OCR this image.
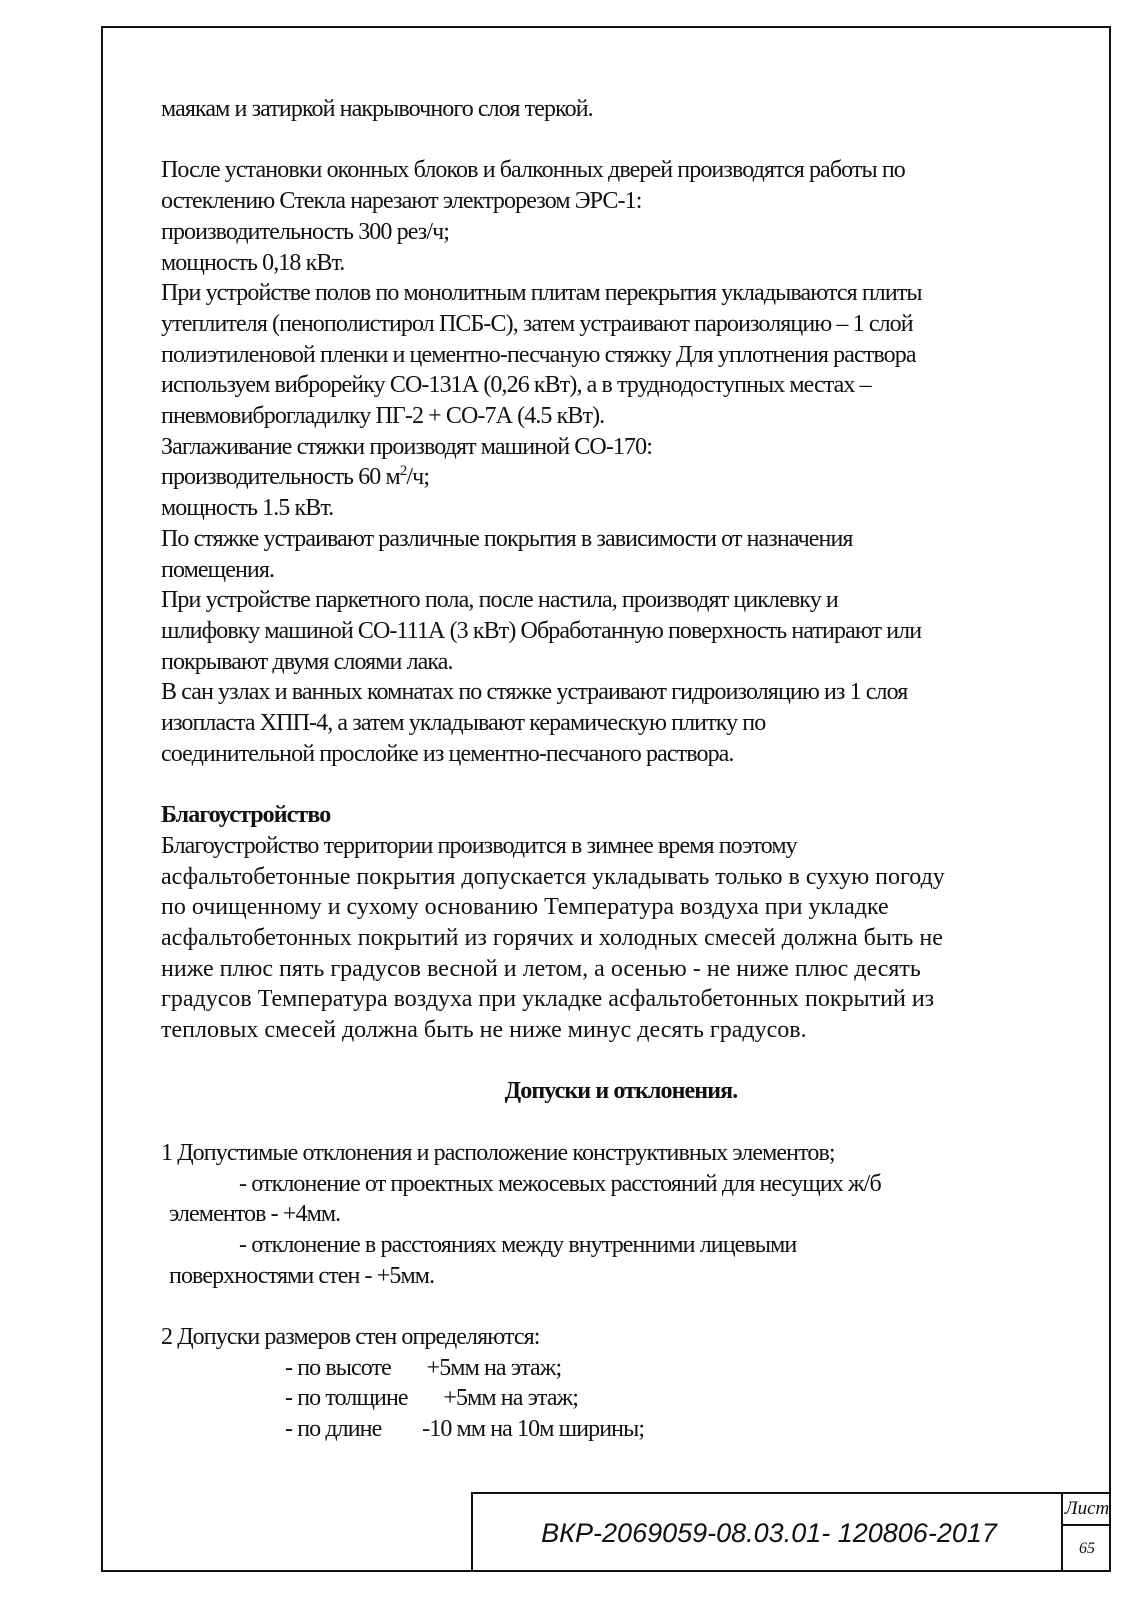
маякам и затиркой накрывочного слоя теркой.

После установки оконных блоков и балконных дверей производятся работы по

остеклению Стекла нарезают электрорезом ЭРС-1:

производительность 300 рез/ч;

мощность 0,18 кВт.

При устройстве полов по монолитным плитам перекрытия укладываются плиты

утеплителя (пенополистирол ПСБ-С), затем устраивают пароизоляцию – 1 слой

полиэтиленовой пленки и цементно-песчаную стяжку Для уплотнения раствора

используем виброрейку СО-131А (0,26 кВт), а в труднодоступных местах –

пневмовиброгладилку ПГ-2 + СО-7А (4.5 кВт).

Заглаживание стяжки производят машиной СО-170:

производительность 60 $м^2/ч$;

мощность 1.5 кВт.

По стяжке устраивают различные покрытия в зависимости от назначения

помещения.

При устройстве паркетного пола, после настила, производят циклевку и

шлифовку машиной СО-111А (3 кВт) Обработанную поверхность натирают или

покрывают двумя слоями лака.

В сан узлах и ванных комнатах по стяжке устраивают гидроизоляцию из 1 слоя

изопласта ХПП-4, а затем укладывают керамическую плитку по

соединительной прослойке из цементно-песчаного раствора.

Благоустройство

Благоустройство территории производится в зимнее время поэтому

асфальтобетонные покрытия допускается укладывать только в сухую погоду

по очищенному и сухому основанию Температура воздуха при укладке

асфальтобетонных покрытий из горячих и холодных смесей должна быть не

ниже плюс пять градусов весной и летом, а осенью - не ниже плюс десять

градусов Температура воздуха при укладке асфальтобетонных покрытий из

тепловых смесей должна быть не ниже минус десять градусов.

Допуски и отклонения.

1 Допустимые отклонения и расположение конструктивных элементов;

- отклонение от проектных межосевых расстояний для несущих ж/б

элементов - +4мм.

- отклонение в расстояниях между внутренними лицевыми

поверхностями стен - +5мм.

2 Допуски размеров стен определяются:

- по высоте       +5мм на этаж;

- по толщине       +5мм на этаж;

- по длине        -10 мм на 10м ширины;

ВКР-2069059-08.03.01- 120806-2017
Лист
65
